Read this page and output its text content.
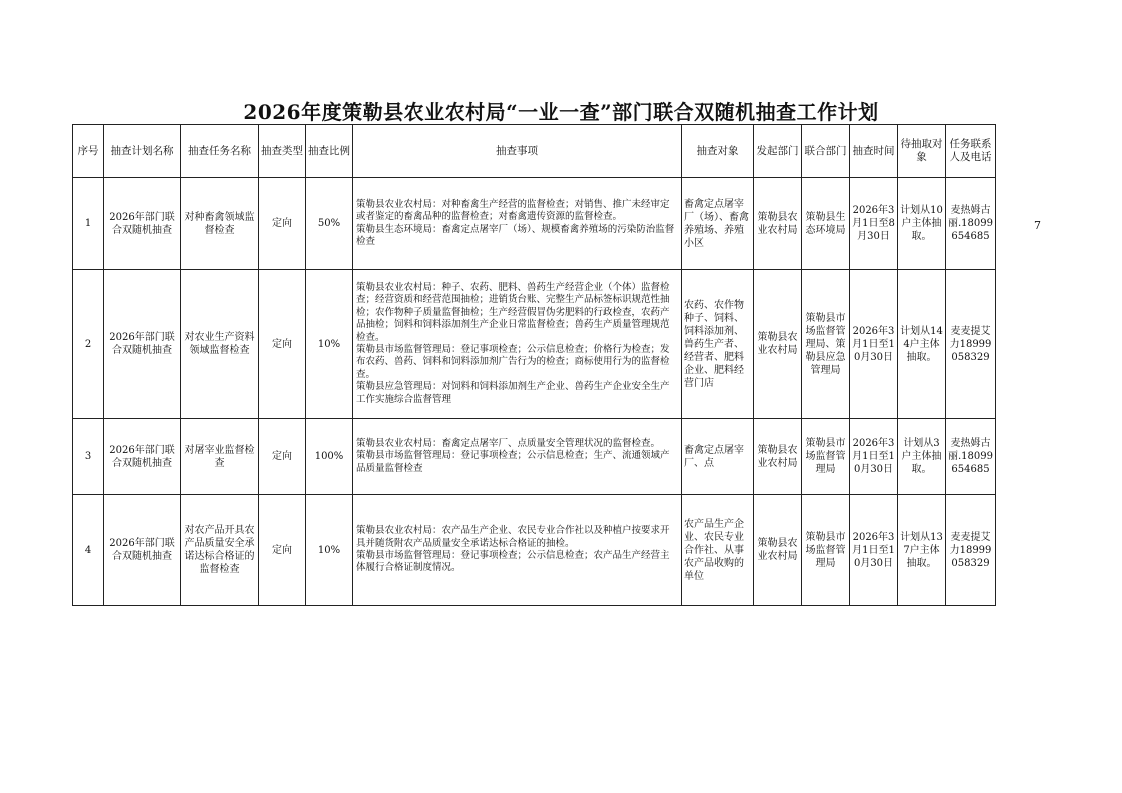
2026年度策勒县农业农村局“一业一查”部门联合双随机抽查工作计划
序号	抽查计划名称	抽查任务名称	抽查类型	抽查比例	抽查事项	抽查对象	发起部门	联合部门	抽查时间	待抽取对象	任务联系人及电话
1	2026年部门联合双随机抽查	对种畜禽领域监督检查	定向	50%	策勒县农业农村局：对种畜禽生产经营的监督检查；对销售、推广未经审定或者鉴定的畜禽品种的监督检查；对畜禽遗传资源的监督检查。
策勒县生态环境局：畜禽定点屠宰厂（场）、规模畜禽养殖场的污染防治监督检查	畜禽定点屠宰厂（场）、畜禽养殖场、养殖小区	策勒县农业农村局	策勒县生态环境局	2026年3月1日至8月30日	计划从10户主体抽取。	麦热姆古丽.18099654685
2	2026年部门联合双随机抽查	对农业生产资料领域监督检查	定向	10%	策勒县农业农村局：种子、农药、肥料、兽药生产经营企业（个体）监督检查；经营资质和经营范围抽检；进销货台账、完整生产品标签标识规范性抽检；农作物种子质量监督抽检；生产经营假冒伪劣肥料的行政检查，农药产品抽检；饲料和饲料添加剂生产企业日常监督检查；兽药生产质量管理规范检查。
策勒县市场监督管理局：登记事项检查；公示信息检查；价格行为检查；发布农药、兽药、饲料和饲料添加剂广告行为的检查；商标使用行为的监督检查。
策勒县应急管理局：对饲料和饲料添加剂生产企业、兽药生产企业安全生产工作实施综合监督管理	农药、农作物种子、饲料、饲料添加剂、兽药生产者、经营者、肥料企业、肥料经营门店	策勒县农业农村局	策勒县市场监督管理局、策勒县应急管理局	2026年3月1日至10月30日	计划从144户主体抽取。	麦麦提艾力18999058329
3	2026年部门联合双随机抽查	对屠宰业监督检查	定向	100%	策勒县农业农村局：畜禽定点屠宰厂、点质量安全管理状况的监督检查。
策勒县市场监督管理局：登记事项检查；公示信息检查；生产、流通领域产品质量监督检查	畜禽定点屠宰厂、点	策勒县农业农村局	策勒县市场监督管理局	2026年3月1日至10月30日	计划从3户主体抽取。	麦热姆古丽.18099654685
4	2026年部门联合双随机抽查	对农产品开具农产品质量安全承诺达标合格证的监督检查	定向	10%	策勒县农业农村局：农产品生产企业、农民专业合作社以及种植户按要求开具并随货附农产品质量安全承诺达标合格证的抽检。
策勒县市场监督管理局：登记事项检查；公示信息检查；农产品生产经营主体履行合格证制度情况。	农产品生产企业、农民专业合作社、从事农产品收购的单位	策勒县农业农村局	策勒县市场监督管理局	2026年3月1日至10月30日	计划从137户主体抽取。	麦麦提艾力18999058329
7
